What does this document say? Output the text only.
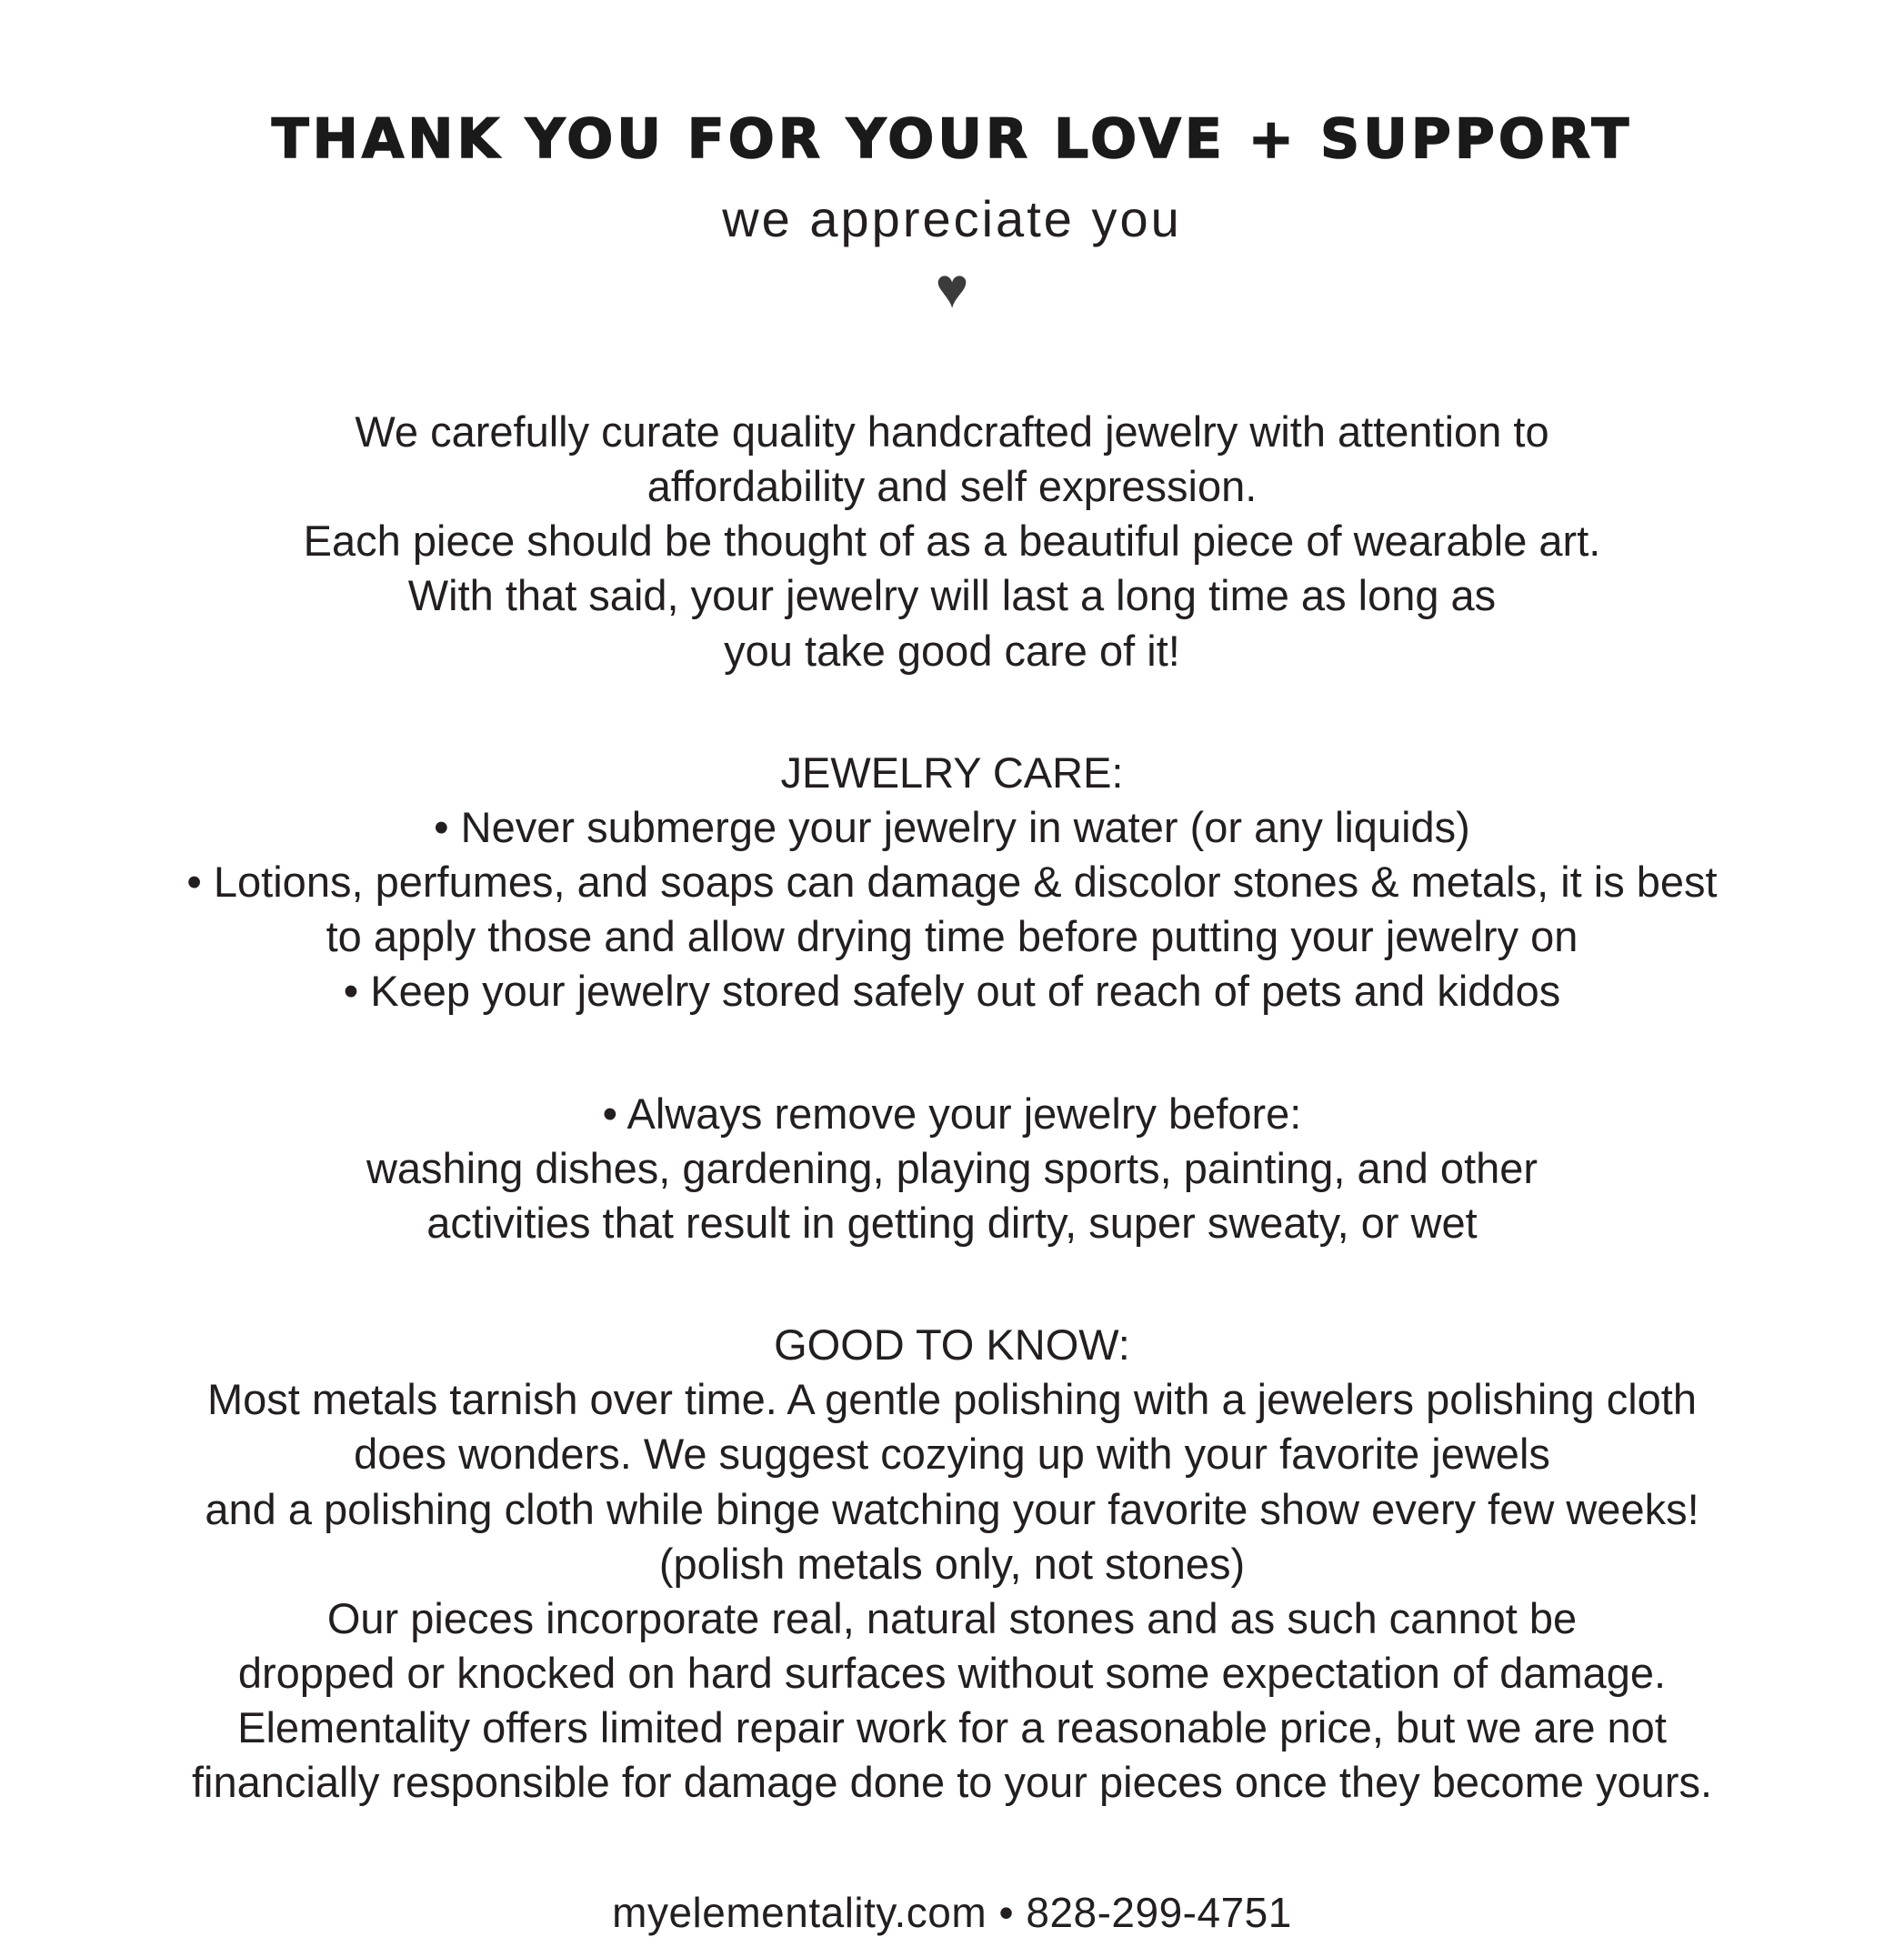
THANK YOU FOR YOUR LOVE + SUPPORT
we appreciate you
♥

We carefully curate quality handcrafted jewelry with attention to

affordability and self expression.

Each piece should be thought of as a beautiful piece of wearable art.

With that said, your jewelry will last a long time as long as

you take good care of it!

JEWELRY CARE:

• Never submerge your jewelry in water (or any liquids)

• Lotions, perfumes, and soaps can damage & discolor stones & metals, it is best

to apply those and allow drying time before putting your jewelry on

• Keep your jewelry stored safely out of reach of pets and kiddos

• Always remove your jewelry before:

washing dishes, gardening, playing sports, painting, and other

activities that result in getting dirty, super sweaty, or wet

GOOD TO KNOW:

Most metals tarnish over time. A gentle polishing with a jewelers polishing cloth

does wonders. We suggest cozying up with your favorite jewels

and a polishing cloth while binge watching your favorite show every few weeks!

(polish metals only, not stones)

Our pieces incorporate real, natural stones and as such cannot be

dropped or knocked on hard surfaces without some expectation of damage.

Elementality offers limited repair work for a reasonable price, but we are not

financially responsible for damage done to your pieces once they become yours.

myelementality.com • 828-299-4751
